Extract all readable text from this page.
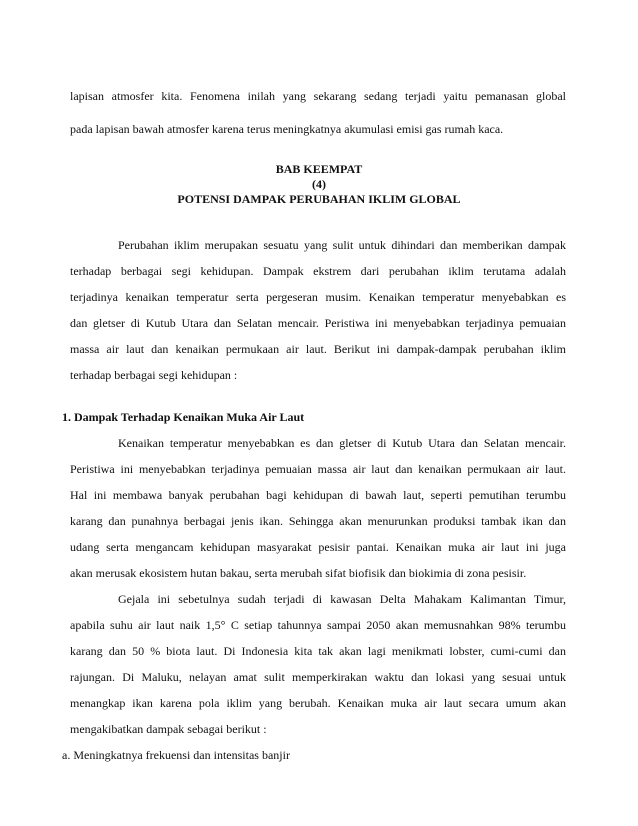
lapisan atmosfer kita. Fenomena inilah yang sekarang sedang terjadi yaitu pemanasan global
pada lapisan bawah atmosfer karena terus meningkatnya akumulasi emisi gas rumah kaca.
BAB KEEMPAT
(4)
POTENSI DAMPAK PERUBAHAN IKLIM GLOBAL
Perubahan iklim merupakan sesuatu yang sulit untuk dihindari dan memberikan dampak
terhadap berbagai segi kehidupan. Dampak ekstrem dari perubahan iklim terutama adalah
terjadinya kenaikan temperatur serta pergeseran musim. Kenaikan temperatur menyebabkan es
dan gletser di Kutub Utara dan Selatan mencair. Peristiwa ini menyebabkan terjadinya pemuaian
massa air laut dan kenaikan permukaan air laut. Berikut ini dampak-dampak perubahan iklim
terhadap berbagai segi kehidupan :
1. Dampak Terhadap Kenaikan Muka Air Laut
Kenaikan temperatur menyebabkan es dan gletser di Kutub Utara dan Selatan mencair.
Peristiwa ini menyebabkan terjadinya pemuaian massa air laut dan kenaikan permukaan air laut.
Hal ini membawa banyak perubahan bagi kehidupan di bawah laut, seperti pemutihan terumbu
karang dan punahnya berbagai jenis ikan. Sehingga akan menurunkan produksi tambak ikan dan
udang serta mengancam kehidupan masyarakat pesisir pantai. Kenaikan muka air laut ini juga
akan merusak ekosistem hutan bakau, serta merubah sifat biofisik dan biokimia di zona pesisir.
Gejala ini sebetulnya sudah terjadi di kawasan Delta Mahakam Kalimantan Timur,
apabila suhu air laut naik 1,5° C setiap tahunnya sampai 2050 akan memusnahkan 98% terumbu
karang dan 50 % biota laut. Di Indonesia kita tak akan lagi menikmati lobster, cumi-cumi dan
rajungan. Di Maluku, nelayan amat sulit memperkirakan waktu dan lokasi yang sesuai untuk
menangkap ikan karena pola iklim yang berubah. Kenaikan muka air laut secara umum akan
mengakibatkan dampak sebagai berikut :
a. Meningkatnya frekuensi dan intensitas banjir
